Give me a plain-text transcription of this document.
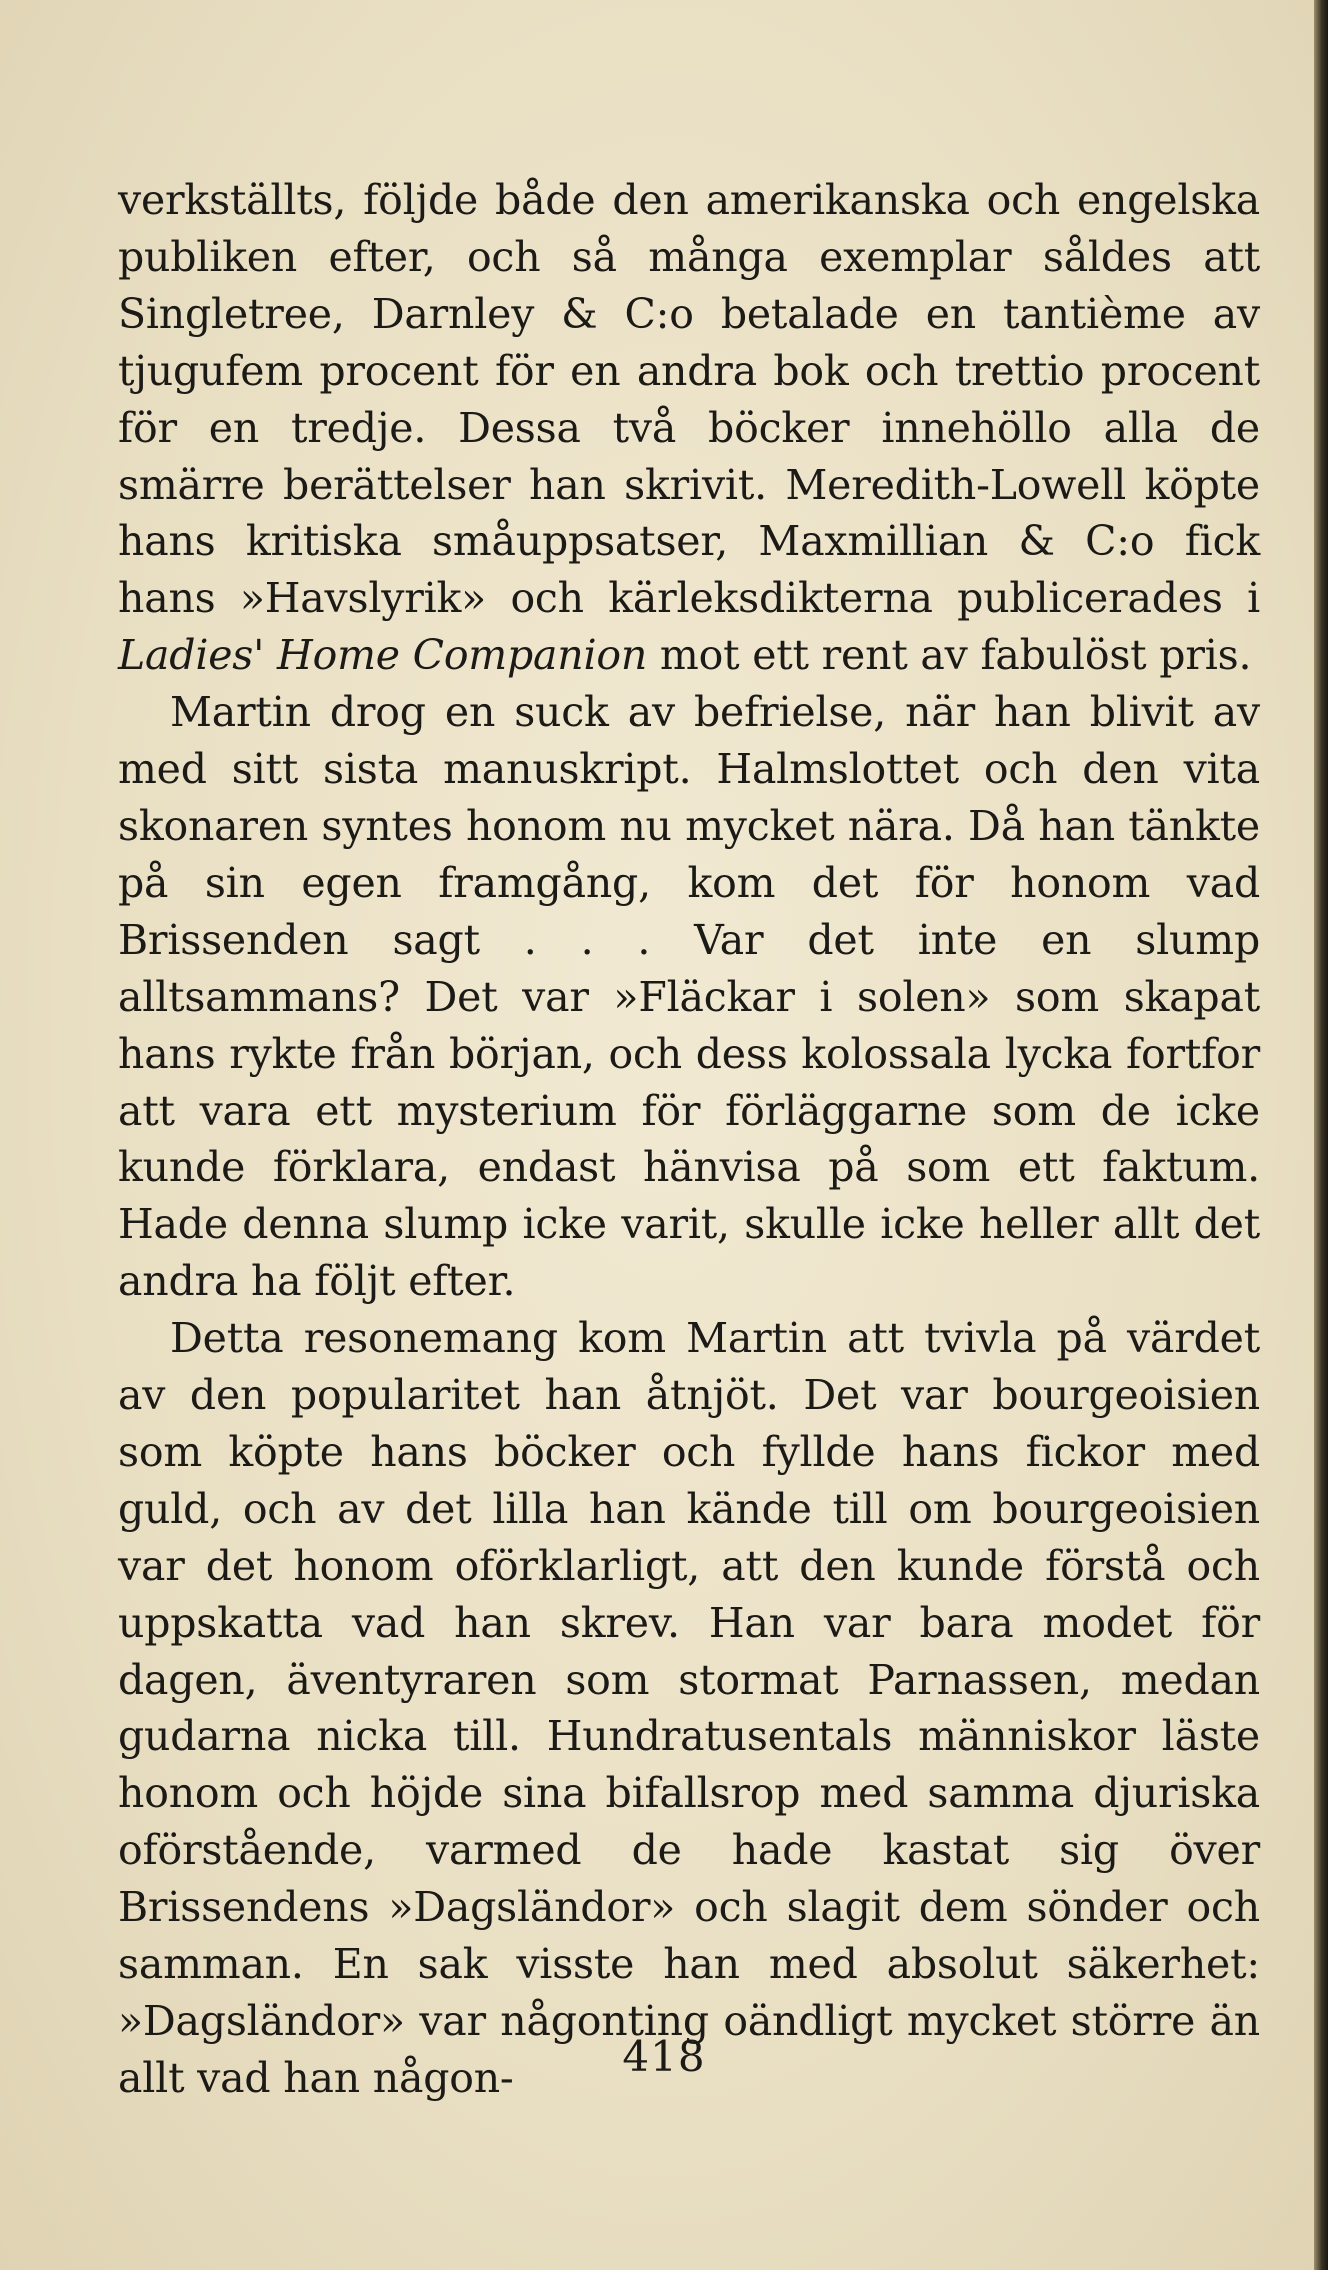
verkställts, följde både den amerikanska och engelska publiken efter, och så många exemplar såldes att Singletree, Darnley & C:o betalade en tantième av tjugufem procent för en andra bok och trettio procent för en tredje. Dessa två böcker innehöllo alla de smärre berättelser han skrivit. Meredith-Lowell köpte hans kritiska småuppsatser, Maxmillian & C:o fick hans »Havslyrik» och kärleksdikterna publicerades i Ladies' Home Companion mot ett rent av fabulöst pris.

Martin drog en suck av befrielse, när han blivit av med sitt sista manuskript. Halmslottet och den vita skonaren syntes honom nu mycket nära. Då han tänkte på sin egen framgång, kom det för honom vad Brissenden sagt . . . Var det inte en slump alltsammans? Det var »Fläckar i solen» som skapat hans rykte från början, och dess kolossala lycka fortfor att vara ett mysterium för förläggarne som de icke kunde förklara, endast hänvisa på som ett faktum. Hade denna slump icke varit, skulle icke heller allt det andra ha följt efter.

Detta resonemang kom Martin att tvivla på värdet av den popularitet han åtnjöt. Det var bourgeoisien som köpte hans böcker och fyllde hans fickor med guld, och av det lilla han kände till om bourgeoisien var det honom oförklarligt, att den kunde förstå och uppskatta vad han skrev. Han var bara modet för dagen, äventyraren som stormat Parnassen, medan gudarna nicka till. Hundratusentals människor läste honom och höjde sina bifallsrop med samma djuriska oförstående, varmed de hade kastat sig över Brissendens »Dagsländor» och slagit dem sönder och samman. En sak visste han med absolut säkerhet: »Dagsländor» var någonting oändligt mycket större än allt vad han någon-	418
